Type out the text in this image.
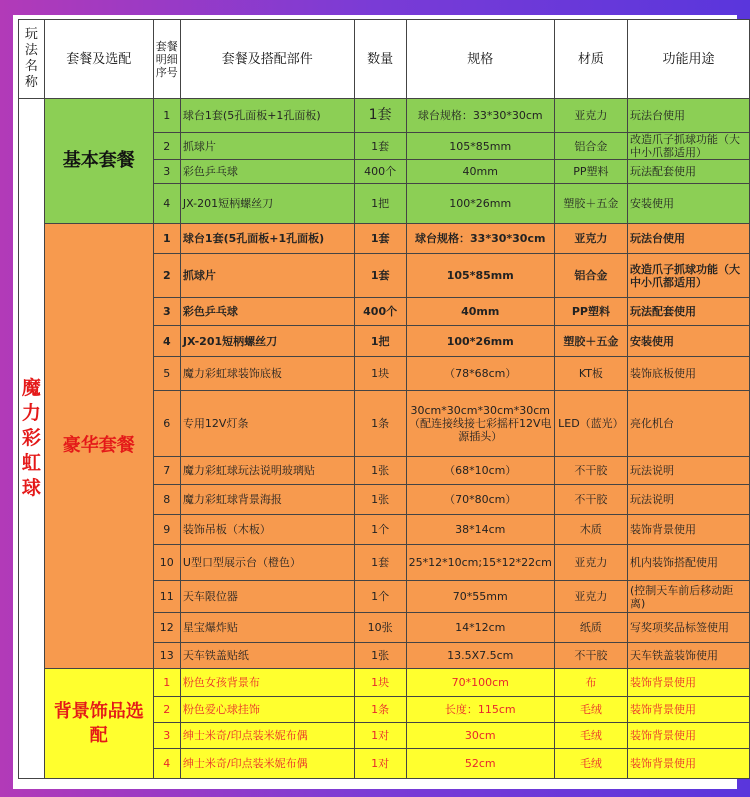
玩法名称	套餐及选配	套餐明细序号	套餐及搭配部件	数量	规格	材质	功能用途
魔力彩虹球	基本套餐	1	球台1套(5孔面板+1孔面板)	1套	球台规格：33*30*30cm	亚克力	玩法台使用
		2	抓球片	1套	105*85mm	铝合金	改造爪子抓球功能（大中小爪都适用）
		3	彩色乒乓球	400个	40mm	PP塑料	玩法配套使用
		4	JX-201短柄螺丝刀	1把	100*26mm	塑胶＋五金	安装使用
	豪华套餐	1	球台1套(5孔面板+1孔面板)	1套	球台规格：33*30*30cm	亚克力	玩法台使用
		2	抓球片	1套	105*85mm	铝合金	改造爪子抓球功能（大中小爪都适用）
		3	彩色乒乓球	400个	40mm	PP塑料	玩法配套使用
		4	JX-201短柄螺丝刀	1把	100*26mm	塑胶＋五金	安装使用
		5	魔力彩虹球装饰底板	1块	（78*68cm）	KT板	装饰底板使用
		6	专用12V灯条	1条	30cm*30cm*30cm*30cm（配连接线接七彩摇杆12V电源插头）	LED（蓝光）	亮化机台
		7	魔力彩虹球玩法说明玻璃贴	1张	（68*10cm）	不干胶	玩法说明
		8	魔力彩虹球背景海报	1张	（70*80cm）	不干胶	玩法说明
		9	装饰吊板（木板）	1个	38*14cm	木质	装饰背景使用
		10	U型口型展示台（橙色）	1套	25*12*10cm;15*12*22cm	亚克力	机内装饰搭配使用
		11	天车限位器	1个	70*55mm	亚克力	(控制天车前后移动距离)
		12	星宝爆炸贴	10张	14*12cm	纸质	写奖项奖品标签使用
		13	天车铁盖贴纸	1张	13.5X7.5cm	不干胶	天车铁盖装饰使用
	背景饰品选配	1	粉色女孩背景布	1块	70*100cm	布	装饰背景使用
		2	粉色爱心球挂饰	1条	长度：115cm	毛绒	装饰背景使用
		3	绅士米奇/印点装米妮布偶	1对	30cm	毛绒	装饰背景使用
		4	绅士米奇/印点装米妮布偶	1对	52cm	毛绒	装饰背景使用
